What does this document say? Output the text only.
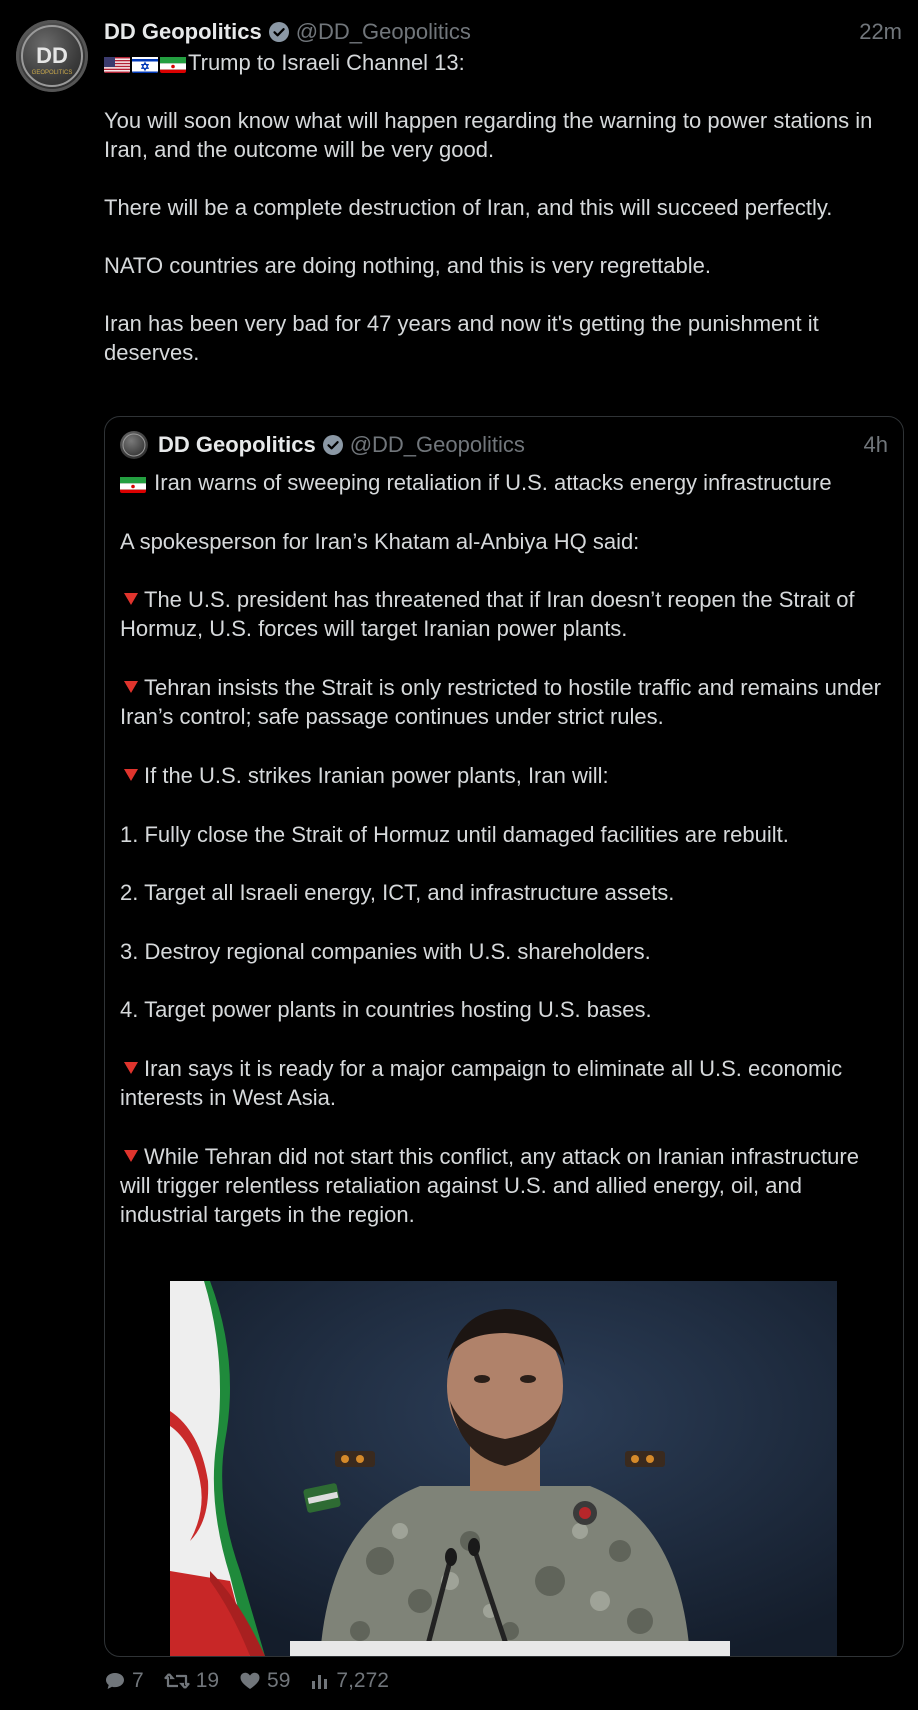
DD
GEOPOLITICS
DD Geopolitics @DD_Geopolitics	22m

Trump to Israeli Channel 13:

You will soon know what will happen regarding the warning to power stations in Iran, and the outcome will be very good.

There will be a complete destruction of Iran, and this will succeed perfectly.

NATO countries are doing nothing, and this is very regrettable.

Iran has been very bad for 47 years and now it's getting the punishment it deserves.

DD Geopolitics @DD_Geopolitics	4h

Iran warns of sweeping retaliation if U.S. attacks energy infrastructure

A spokesperson for Iran’s Khatam al-Anbiya HQ said:

The U.S. president has threatened that if Iran doesn’t reopen the Strait of Hormuz, U.S. forces will target Iranian power plants.

Tehran insists the Strait is only restricted to hostile traffic and remains under Iran’s control; safe passage continues under strict rules.

If the U.S. strikes Iranian power plants, Iran will:

1. Fully close the Strait of Hormuz until damaged facilities are rebuilt.

2. Target all Israeli energy, ICT, and infrastructure assets.

3. Destroy regional companies with U.S. shareholders.

4. Target power plants in countries hosting U.S. bases.

Iran says it is ready for a major campaign to eliminate all U.S. economic interests in West Asia.

While Tehran did not start this conflict, any attack on Iranian infrastructure will trigger relentless retaliation against U.S. and allied energy, oil, and industrial targets in the region.

7 19 59 7,272
